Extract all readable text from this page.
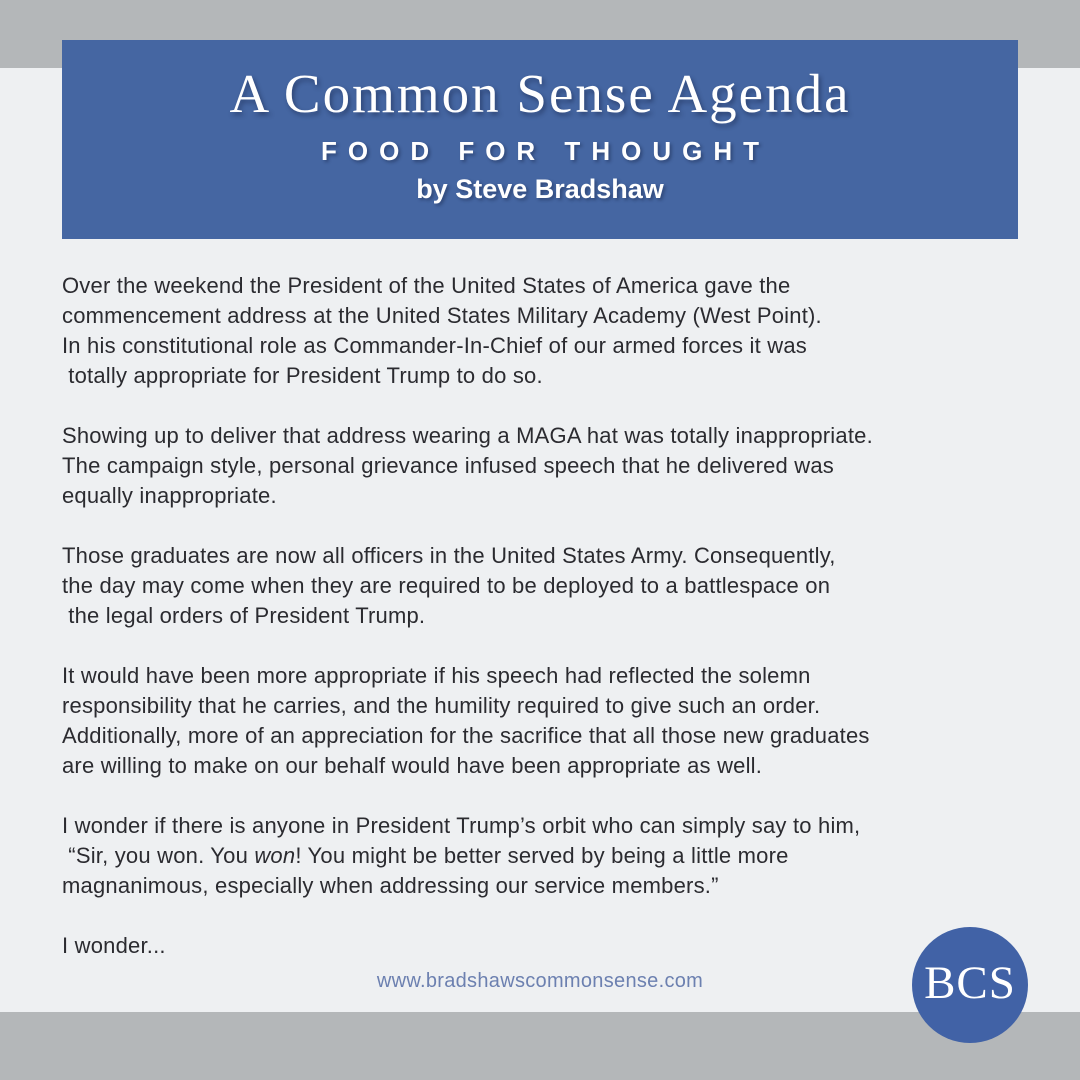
A Common Sense Agenda
FOOD FOR THOUGHT
by Steve Bradshaw

Over the weekend the President of the United States of America gave the
commencement address at the United States Military Academy (West Point).
In his constitutional role as Commander-In-Chief of our armed forces it was
totally appropriate for President Trump to do so.

Showing up to deliver that address wearing a MAGA hat was totally inappropriate.
The campaign style, personal grievance infused speech that he delivered was
equally inappropriate.

Those graduates are now all officers in the United States Army. Consequently,
the day may come when they are required to be deployed to a battlespace on
the legal orders of President Trump.

It would have been more appropriate if his speech had reflected the solemn
responsibility that he carries, and the humility required to give such an order.
Additionally, more of an appreciation for the sacrifice that all those new graduates
are willing to make on our behalf would have been appropriate as well.

I wonder if there is anyone in President Trump’s orbit who can simply say to him,
“Sir, you won. You won! You might be better served by being a little more
magnanimous, especially when addressing our service members.”

I wonder...

www.bradshawscommonsense.com	BCS
